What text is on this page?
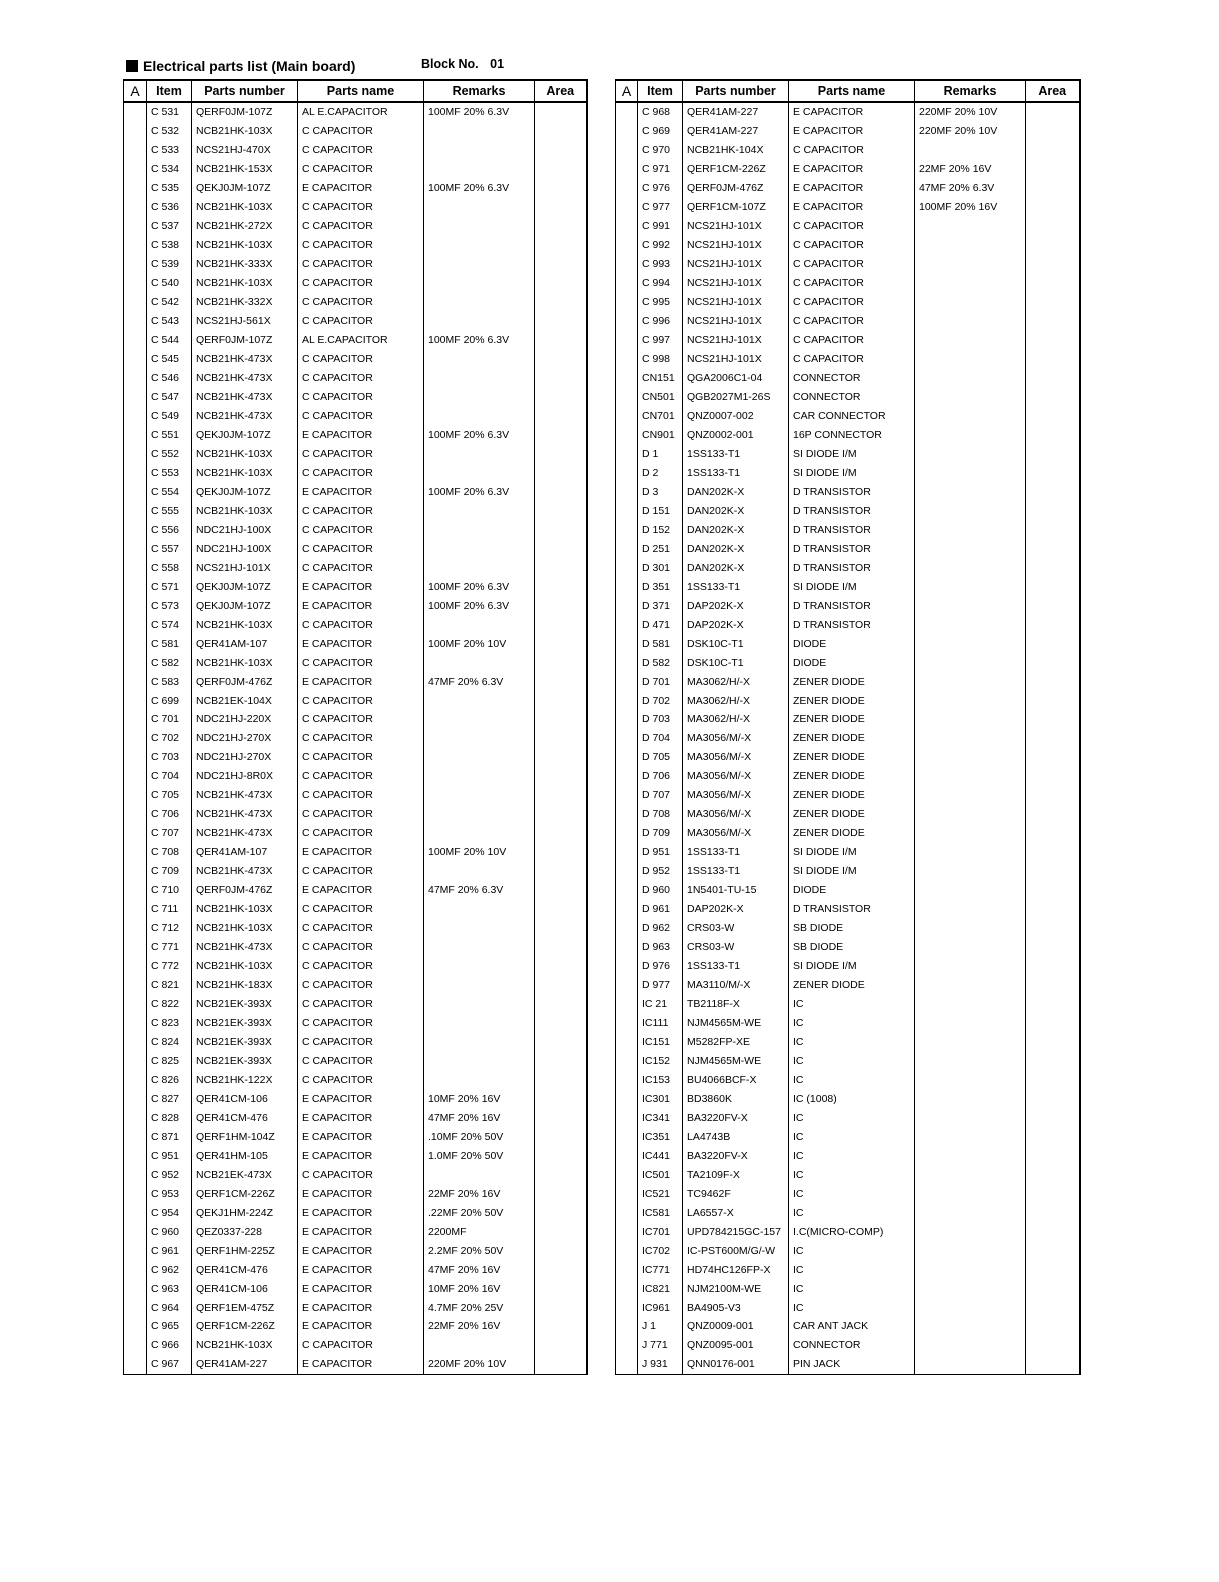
Electrical parts list (Main board)	Block No. 01
A	Item	Parts number	Parts name	Remarks	Area
	C 531	QERF0JM-107Z	AL E.CAPACITOR	100MF 20% 6.3V	
	C 532	NCB21HK-103X	C CAPACITOR		
	C 533	NCS21HJ-470X	C CAPACITOR		
	C 534	NCB21HK-153X	C CAPACITOR		
	C 535	QEKJ0JM-107Z	E CAPACITOR	100MF 20% 6.3V	
	C 536	NCB21HK-103X	C CAPACITOR		
	C 537	NCB21HK-272X	C CAPACITOR		
	C 538	NCB21HK-103X	C CAPACITOR		
	C 539	NCB21HK-333X	C CAPACITOR		
	C 540	NCB21HK-103X	C CAPACITOR		
	C 542	NCB21HK-332X	C CAPACITOR		
	C 543	NCS21HJ-561X	C CAPACITOR		
	C 544	QERF0JM-107Z	AL E.CAPACITOR	100MF 20% 6.3V	
	C 545	NCB21HK-473X	C CAPACITOR		
	C 546	NCB21HK-473X	C CAPACITOR		
	C 547	NCB21HK-473X	C CAPACITOR		
	C 549	NCB21HK-473X	C CAPACITOR		
	C 551	QEKJ0JM-107Z	E CAPACITOR	100MF 20% 6.3V	
	C 552	NCB21HK-103X	C CAPACITOR		
	C 553	NCB21HK-103X	C CAPACITOR		
	C 554	QEKJ0JM-107Z	E CAPACITOR	100MF 20% 6.3V	
	C 555	NCB21HK-103X	C CAPACITOR		
	C 556	NDC21HJ-100X	C CAPACITOR		
	C 557	NDC21HJ-100X	C CAPACITOR		
	C 558	NCS21HJ-101X	C CAPACITOR		
	C 571	QEKJ0JM-107Z	E CAPACITOR	100MF 20% 6.3V	
	C 573	QEKJ0JM-107Z	E CAPACITOR	100MF 20% 6.3V	
	C 574	NCB21HK-103X	C CAPACITOR		
	C 581	QER41AM-107	E CAPACITOR	100MF 20% 10V	
	C 582	NCB21HK-103X	C CAPACITOR		
	C 583	QERF0JM-476Z	E CAPACITOR	47MF 20% 6.3V	
	C 699	NCB21EK-104X	C CAPACITOR		
	C 701	NDC21HJ-220X	C CAPACITOR		
	C 702	NDC21HJ-270X	C CAPACITOR		
	C 703	NDC21HJ-270X	C CAPACITOR		
	C 704	NDC21HJ-8R0X	C CAPACITOR		
	C 705	NCB21HK-473X	C CAPACITOR		
	C 706	NCB21HK-473X	C CAPACITOR		
	C 707	NCB21HK-473X	C CAPACITOR		
	C 708	QER41AM-107	E CAPACITOR	100MF 20% 10V	
	C 709	NCB21HK-473X	C CAPACITOR		
	C 710	QERF0JM-476Z	E CAPACITOR	47MF 20% 6.3V	
	C 711	NCB21HK-103X	C CAPACITOR		
	C 712	NCB21HK-103X	C CAPACITOR		
	C 771	NCB21HK-473X	C CAPACITOR		
	C 772	NCB21HK-103X	C CAPACITOR		
	C 821	NCB21HK-183X	C CAPACITOR		
	C 822	NCB21EK-393X	C CAPACITOR		
	C 823	NCB21EK-393X	C CAPACITOR		
	C 824	NCB21EK-393X	C CAPACITOR		
	C 825	NCB21EK-393X	C CAPACITOR		
	C 826	NCB21HK-122X	C CAPACITOR		
	C 827	QER41CM-106	E CAPACITOR	10MF 20% 16V	
	C 828	QER41CM-476	E CAPACITOR	47MF 20% 16V	
	C 871	QERF1HM-104Z	E CAPACITOR	.10MF 20% 50V	
	C 951	QER41HM-105	E CAPACITOR	1.0MF 20% 50V	
	C 952	NCB21EK-473X	C CAPACITOR		
	C 953	QERF1CM-226Z	E CAPACITOR	22MF 20% 16V	
	C 954	QEKJ1HM-224Z	E CAPACITOR	.22MF 20% 50V	
	C 960	QEZ0337-228	E CAPACITOR	2200MF	
	C 961	QERF1HM-225Z	E CAPACITOR	2.2MF 20% 50V	
	C 962	QER41CM-476	E CAPACITOR	47MF 20% 16V	
	C 963	QER41CM-106	E CAPACITOR	10MF 20% 16V	
	C 964	QERF1EM-475Z	E CAPACITOR	4.7MF 20% 25V	
	C 965	QERF1CM-226Z	E CAPACITOR	22MF 20% 16V	
	C 966	NCB21HK-103X	C CAPACITOR		
	C 967	QER41AM-227	E CAPACITOR	220MF 20% 10V	
A	Item	Parts number	Parts name	Remarks	Area
	C 968	QER41AM-227	E CAPACITOR	220MF 20% 10V	
	C 969	QER41AM-227	E CAPACITOR	220MF 20% 10V	
	C 970	NCB21HK-104X	C CAPACITOR		
	C 971	QERF1CM-226Z	E CAPACITOR	22MF 20% 16V	
	C 976	QERF0JM-476Z	E CAPACITOR	47MF 20% 6.3V	
	C 977	QERF1CM-107Z	E CAPACITOR	100MF 20% 16V	
	C 991	NCS21HJ-101X	C CAPACITOR		
	C 992	NCS21HJ-101X	C CAPACITOR		
	C 993	NCS21HJ-101X	C CAPACITOR		
	C 994	NCS21HJ-101X	C CAPACITOR		
	C 995	NCS21HJ-101X	C CAPACITOR		
	C 996	NCS21HJ-101X	C CAPACITOR		
	C 997	NCS21HJ-101X	C CAPACITOR		
	C 998	NCS21HJ-101X	C CAPACITOR		
	CN151	QGA2006C1-04	CONNECTOR		
	CN501	QGB2027M1-26S	CONNECTOR		
	CN701	QNZ0007-002	CAR CONNECTOR		
	CN901	QNZ0002-001	16P CONNECTOR		
	D 1	1SS133-T1	SI DIODE I/M		
	D 2	1SS133-T1	SI DIODE I/M		
	D 3	DAN202K-X	D TRANSISTOR		
	D 151	DAN202K-X	D TRANSISTOR		
	D 152	DAN202K-X	D TRANSISTOR		
	D 251	DAN202K-X	D TRANSISTOR		
	D 301	DAN202K-X	D TRANSISTOR		
	D 351	1SS133-T1	SI DIODE I/M		
	D 371	DAP202K-X	D TRANSISTOR		
	D 471	DAP202K-X	D TRANSISTOR		
	D 581	DSK10C-T1	DIODE		
	D 582	DSK10C-T1	DIODE		
	D 701	MA3062/H/-X	ZENER DIODE		
	D 702	MA3062/H/-X	ZENER DIODE		
	D 703	MA3062/H/-X	ZENER DIODE		
	D 704	MA3056/M/-X	ZENER DIODE		
	D 705	MA3056/M/-X	ZENER DIODE		
	D 706	MA3056/M/-X	ZENER DIODE		
	D 707	MA3056/M/-X	ZENER DIODE		
	D 708	MA3056/M/-X	ZENER DIODE		
	D 709	MA3056/M/-X	ZENER DIODE		
	D 951	1SS133-T1	SI DIODE I/M		
	D 952	1SS133-T1	SI DIODE I/M		
	D 960	1N5401-TU-15	DIODE		
	D 961	DAP202K-X	D TRANSISTOR		
	D 962	CRS03-W	SB DIODE		
	D 963	CRS03-W	SB DIODE		
	D 976	1SS133-T1	SI DIODE I/M		
	D 977	MA3110/M/-X	ZENER DIODE		
	IC 21	TB2118F-X	IC		
	IC111	NJM4565M-WE	IC		
	IC151	M5282FP-XE	IC		
	IC152	NJM4565M-WE	IC		
	IC153	BU4066BCF-X	IC		
	IC301	BD3860K	IC (1008)		
	IC341	BA3220FV-X	IC		
	IC351	LA4743B	IC		
	IC441	BA3220FV-X	IC		
	IC501	TA2109F-X	IC		
	IC521	TC9462F	IC		
	IC581	LA6557-X	IC		
	IC701	UPD784215GC-157	I.C(MICRO-COMP)		
	IC702	IC-PST600M/G/-W	IC		
	IC771	HD74HC126FP-X	IC		
	IC821	NJM2100M-WE	IC		
	IC961	BA4905-V3	IC		
	J 1	QNZ0009-001	CAR ANT JACK		
	J 771	QNZ0095-001	CONNECTOR		
	J 931	QNN0176-001	PIN JACK		
